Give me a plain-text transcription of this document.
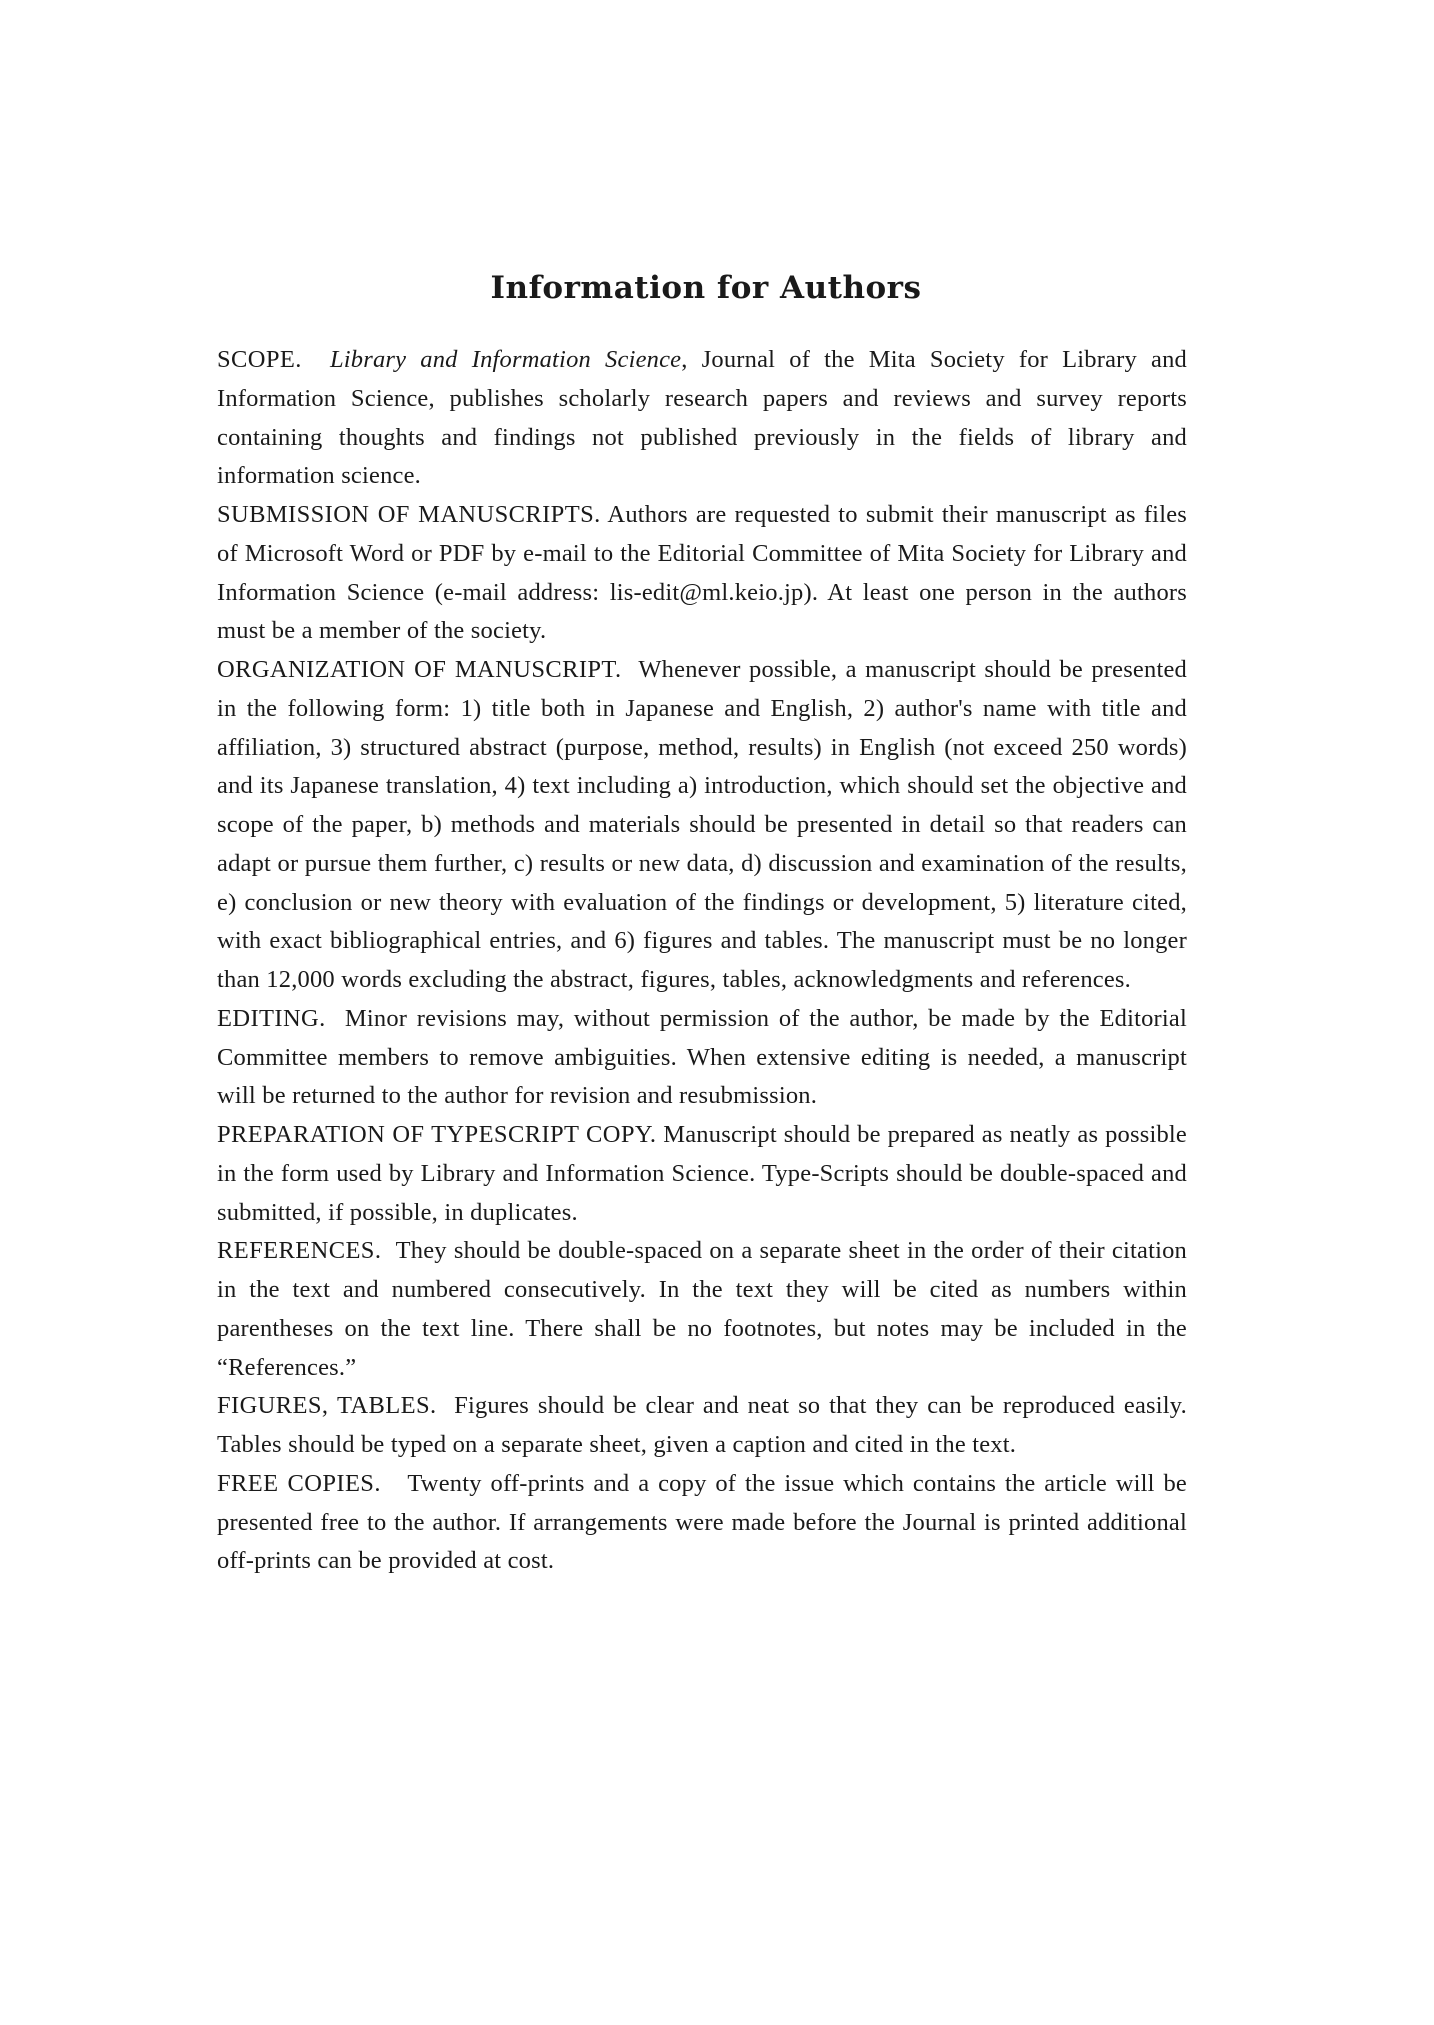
Information for Authors

SCOPE. Library and Information Science, Journal of the Mita Society for Library and Information Science, publishes scholarly research papers and reviews and survey reports containing thoughts and findings not published previously in the fields of library and information science.

SUBMISSION OF MANUSCRIPTS. Authors are requested to submit their manuscript as files of Microsoft Word or PDF by e-mail to the Editorial Committee of Mita Society for Library and Information Science (e-mail address: lis-edit@ml.keio.jp). At least one person in the authors must be a member of the society.

ORGANIZATION OF MANUSCRIPT. Whenever possible, a manuscript should be presented in the following form: 1) title both in Japanese and English, 2) author's name with title and affiliation, 3) structured abstract (purpose, method, results) in English (not exceed 250 words) and its Japanese translation, 4) text including a) introduction, which should set the objective and scope of the paper, b) methods and materials should be presented in detail so that readers can adapt or pursue them further, c) results or new data, d) discussion and examination of the results, e) conclusion or new theory with evaluation of the findings or development, 5) literature cited, with exact bibliographical entries, and 6) figures and tables. The manuscript must be no longer than 12,000 words excluding the abstract, figures, tables, acknowledgments and references.

EDITING. Minor revisions may, without permission of the author, be made by the Editorial Committee members to remove ambiguities. When extensive editing is needed, a manuscript will be returned to the author for revision and resubmission.

PREPARATION OF TYPESCRIPT COPY. Manuscript should be prepared as neatly as possible in the form used by Library and Information Science. Type-Scripts should be double-spaced and submitted, if possible, in duplicates.

REFERENCES. They should be double-spaced on a separate sheet in the order of their citation in the text and numbered consecutively. In the text they will be cited as numbers within parentheses on the text line. There shall be no footnotes, but notes may be included in the “References.”

FIGURES, TABLES. Figures should be clear and neat so that they can be reproduced easily. Tables should be typed on a separate sheet, given a caption and cited in the text.

FREE COPIES. Twenty off-prints and a copy of the issue which contains the article will be presented free to the author. If arrangements were made before the Journal is printed additional off-prints can be provided at cost.
